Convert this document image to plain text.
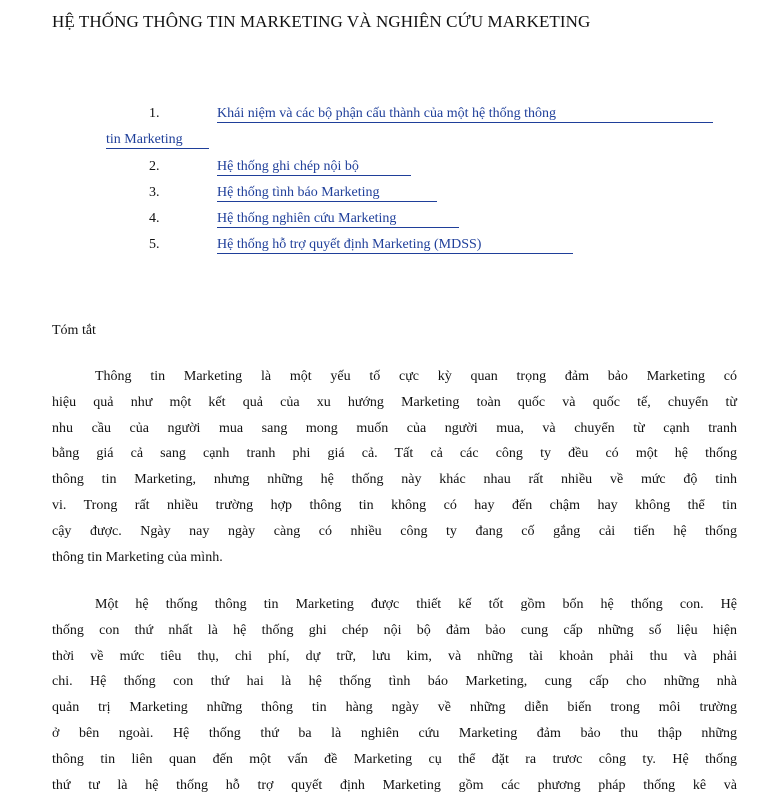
HỆ THỐNG THÔNG TIN MARKETING VÀ NGHIÊN CỨU MARKETING
1.	Khái niệm và các bộ phận cấu thành của một hệ thống thông
tin Marketing
2.	Hệ thống ghi chép nội bộ
3.	Hệ thống tình báo Marketing
4.	Hệ thống nghiên cứu Marketing
5.	Hệ thống hỗ trợ quyết định Marketing (MDSS)
Tóm tắt
Thông tin Marketing là một yếu tố cực kỳ quan trọng đảm bảo Marketing có
hiệu quả như một kết quả của xu hướng Marketing toàn quốc và quốc tế, chuyển từ
nhu cầu của người mua sang mong muốn của người mua, và chuyển từ cạnh tranh
bằng giá cả sang cạnh tranh phi giá cả. Tất cả các công ty đều có một hệ thống
thông tin Marketing, nhưng những hệ thống này khác nhau rất nhiều về mức độ tinh
vi. Trong rất nhiều trường hợp thông tin không có hay đến chậm hay không thể tin
cậy được. Ngày nay ngày càng có nhiều công ty đang cố gắng cải tiến hệ thống
thông tin Marketing của mình.
Một hệ thống thông tin Marketing được thiết kế tốt gồm bốn hệ thống con. Hệ
thống con thứ nhất là hệ thống ghi chép nội bộ đảm bảo cung cấp những số liệu hiện
thời về mức tiêu thụ, chi phí, dự trữ, lưu kim, và những tài khoản phải thu và phải
chi. Hệ thống con thứ hai là hệ thống tình báo Marketing, cung cấp cho những nhà
quản trị Marketing những thông tin hàng ngày về những diễn biến trong môi trường
ở bên ngoài. Hệ thống thứ ba là nghiên cứu Marketing đảm bảo thu thập những
thông tin liên quan đến một vấn đề Marketing cụ thể đặt ra trươc công ty. Hệ thống
thứ tư là hệ thống hỗ trợ quyết định Marketing gồm các phương pháp thống kê và
